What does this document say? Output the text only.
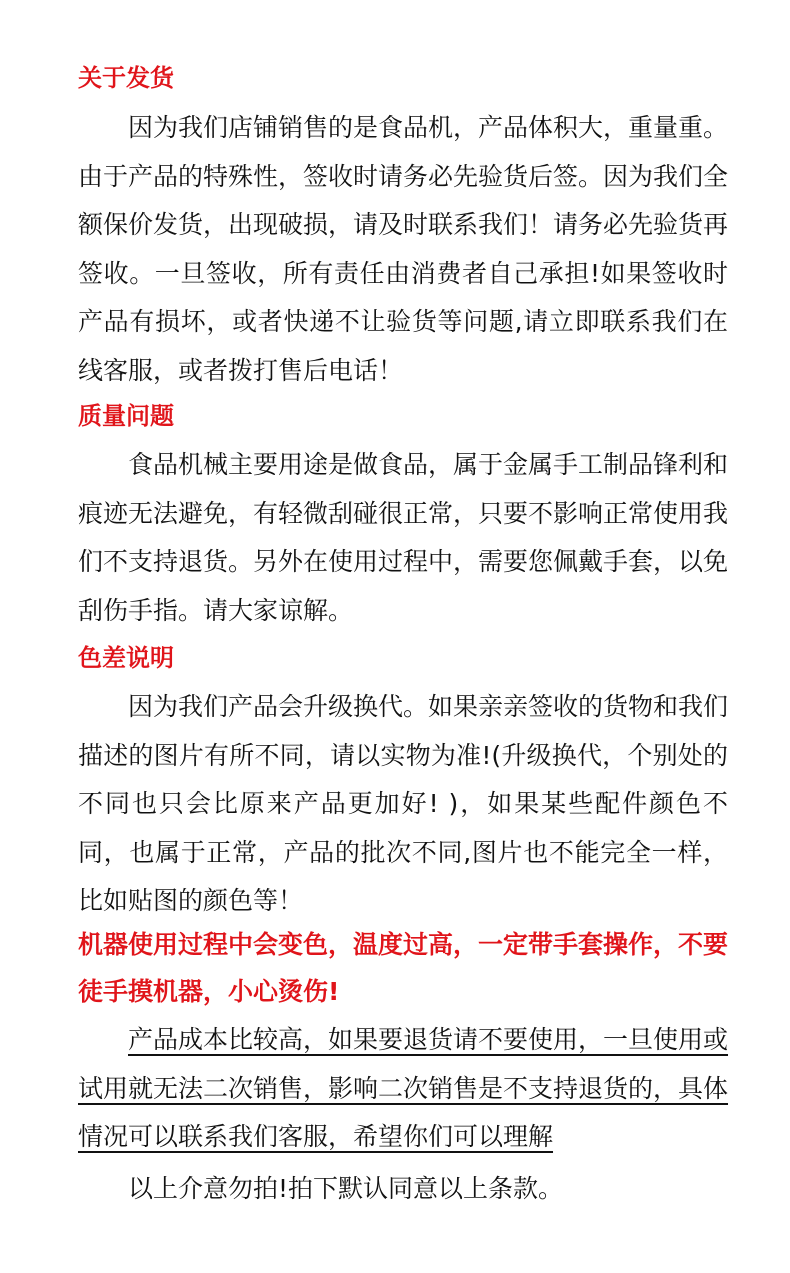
关于发货

因为我们店铺销售的是食品机，产品体积大，重量重。由于产品的特殊性，签收时请务必先验货后签。因为我们全额保价发货，出现破损，请及时联系我们！请务必先验货再签收。一旦签收，所有责任由消费者自己承担!如果签收时产品有损坏，或者快递不让验货等问题,请立即联系我们在线客服，或者拨打售后电话！

质量问题

食品机械主要用途是做食品，属于金属手工制品锋利和痕迹无法避免，有轻微刮碰很正常，只要不影响正常使用我们不支持退货。另外在使用过程中，需要您佩戴手套，以免刮伤手指。请大家谅解。

色差说明

因为我们产品会升级换代。如果亲亲签收的货物和我们描述的图片有所不同，请以实物为准!(升级换代，个别处的不同也只会比原来产品更加好! )，如果某些配件颜色不同，也属于正常，产品的批次不同,图片也不能完全一样，比如贴图的颜色等！

机器使用过程中会变色，温度过高，一定带手套操作，不要徒手摸机器，小心烫伤!

产品成本比较高，如果要退货请不要使用，一旦使用或试用就无法二次销售，影响二次销售是不支持退货的，具体情况可以联系我们客服，希望你们可以理解

以上介意勿拍!拍下默认同意以上条款。
